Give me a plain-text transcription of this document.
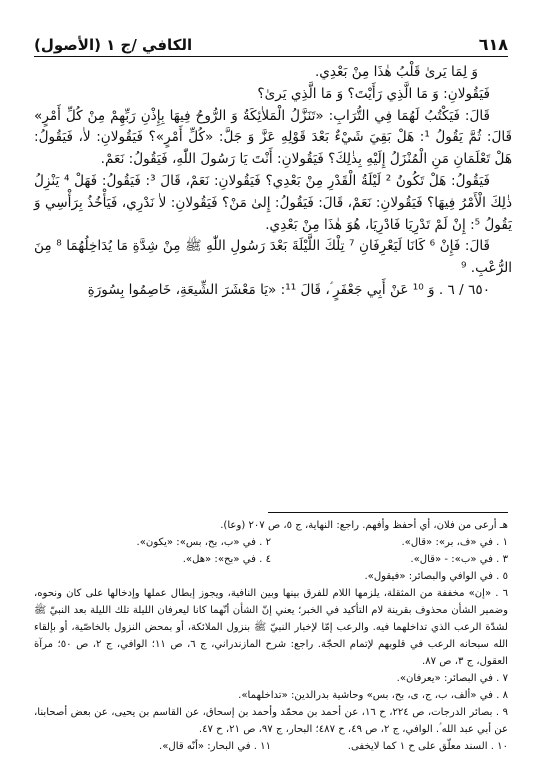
٦١٨
الكافي /ج ١ (الأصول)

وَ لِمَا يَرىٰ قَلْبُ هٰذَا مِنْ بَعْدِي.

فَيَقُولانِ: وَ مَا الَّذِي رَأَيْتَ؟ وَ مَا الَّذِي يَرىٰ؟

قَالَ: فَيَكْتُبُ لَهُمَا فِي التُّرَابِ: «تَنَزَّلُ الْمَلاٰئِكَةُ وَ الرُّوحُ فِيهَا بِإِذْنِ رَبِّهِمْ مِنْ كُلِّ أَمْرٍ» قَالَ: ثُمَّ يَقُولُ ¹: هَلْ بَقِيَ شَيْءٌ بَعْدَ قَوْلِهِ عَزَّ وَ جَلَّ: «كُلِّ أَمْرٍ»؟ فَيَقُولانِ: لاٰ، فَيَقُولُ: هَلْ تَعْلَمَانِ مَنِ الْمُنْزَلُ إِلَيْهِ بِذٰلِكَ؟ فَيَقُولانِ: أَنْتَ يَا رَسُولَ اللّٰهِ، فَيَقُولُ: نَعَمْ.

فَيَقُولُ: هَلْ تَكُونُ ² لَيْلَةُ الْقَدْرِ مِنْ بَعْدِي؟ فَيَقُولانِ: نَعَمْ، قَالَ ³: فَيَقُولُ: فَهَلْ ⁴ يَنْزِلُ ذٰلِكَ الْأَمْرُ فِيهَا؟ فَيَقُولانِ: نَعَمْ، قَالَ: فَيَقُولُ: إِلىٰ مَنْ؟ فَيَقُولانِ: لاٰ نَدْرِي، فَيَأْخُذُ بِرَأْسِي وَ يَقُولُ ⁵: إِنْ لَمْ تَدْرِيَا فَادْرِيَا، هُوَ هٰذَا مِنْ بَعْدِي.

قَالَ: فَإِنْ ⁶ كَانَا لَيَعْرِفَانِ ⁷ تِلْكَ اللَّيْلَةَ بَعْدَ رَسُولِ اللّٰهِ ﷺ مِنْ شِدَّةِ مَا يُدَاخِلُهُمَا ⁸ مِنَ الرُّعْبِ. ⁹

٦٥٠ / ٦ . وَ ¹⁰ عَنْ أَبِي جَعْفَرٍ ؑ، قَالَ ¹¹: «يَا مَعْشَرَ الشِّيعَةِ، خَاصِمُوا بِسُورَةِ

هـ أرعى من فلان، أي أحفظ وأفهم. راجع: النهاية، ج ٥، ص ٢٠٧ (وعا).

١ . في «ف، بر»: «قال».
٢ . في «ب، بح، بس»: «يكون».
٣ . في «ب»: - «قال».
٤ . في «بح»: «هل».

٥ . في الوافي والبصائر: «فيقول».

٦ . «إن» مخففة من المثقلة، يلزمها اللام للفرق بينها وبين النافية، ويجوز إبطال عملها وإدخالها على كان ونحوه، وضمير الشأن محذوف بقرينة لام التأكيد في الخبر؛ يعني إنّ الشأن أنّهما كانا ليعرفان الليلة تلك الليلة بعد النبيّ ﷺ لشدّة الرعب الذي تداخلهما فيه. والرعب إمّا لإخبار النبيّ ﷺ بنزول الملائكة، أو بمحض النزول بالخاصّية، أو بإلقاء الله سبحانه الرعب في قلوبهم لإتمام الحجّة. راجع: شرح المازندراني، ج ٦، ص ١١؛ الوافي، ج ٢، ص ٥٠؛ مرآة العقول، ج ٣، ص ٨٧.

٧ . في البصائر: «يعرفان».

٨ . في «ألف، ب، ج، ى، بح، بس» وحاشية بدرالدين: «تداخلهما».

٩ . بصائر الدرجات، ص ٢٢٤، ح ١٦، عن أحمد بن محمّد وأحمد بن إسحاق، عن القاسم بن يحيى، عن بعض أصحابنا، عن أبي عبد الله ؑ. الوافي، ج ٢، ص ٤٩، ح ٤٨٧؛ البحار، ج ٩٧، ص ٢١، ح ٤٧.

١٠ . السند معلّق على ح ١ كما لايخفى.
١١ . في البحار: «أنّه قال».
